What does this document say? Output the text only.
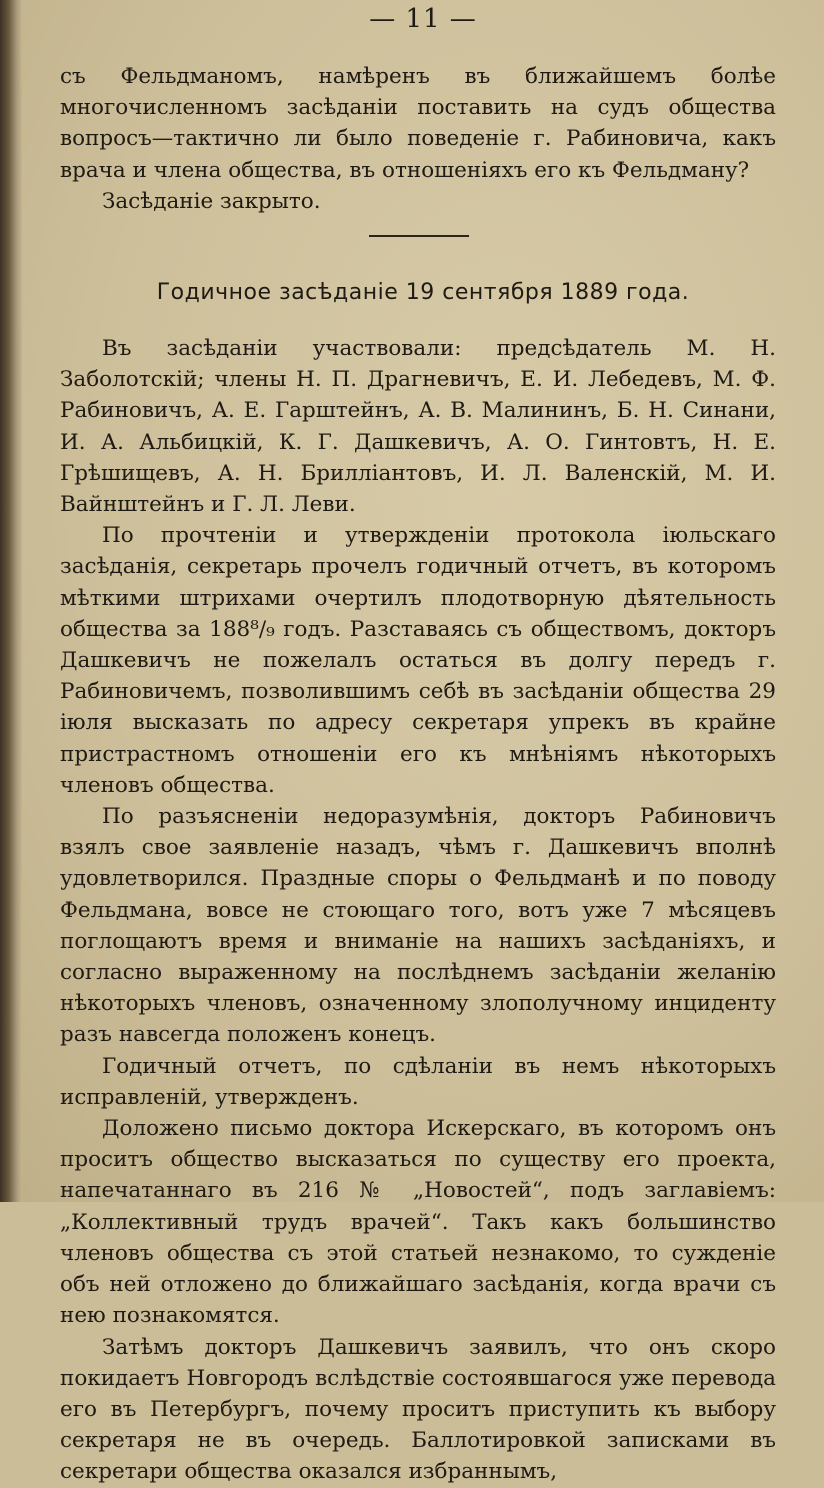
— 11 —

съ Фельдманомъ, намѣренъ въ ближайшемъ болѣе многочисленномъ засѣданіи поставить на судъ общества вопросъ—тактично ли было поведеніе г. Рабиновича, какъ врача и члена общества, въ отношеніяхъ его къ Фельдману?

Засѣданіе закрыто.

Годичное засѣданіе 19 сентября 1889 года.

Въ засѣданіи участвовали: предсѣдатель М. Н. Заболотскій; члены Н. П. Драгневичъ, Е. И. Лебедевъ, М. Ф. Рабиновичъ, А. Е. Гарштейнъ, А. В. Малининъ, Б. Н. Синани, И. А. Альбицкій, К. Г. Дашкевичъ, А. О. Гинтовтъ, Н. Е. Грѣшищевъ, А. Н. Брилліантовъ, И. Л. Валенскій, М. И. Вайнштейнъ и Г. Л. Леви.

По прочтеніи и утвержденіи протокола іюльскаго засѣданія, секретарь прочелъ годичный отчетъ, въ которомъ мѣткими штрихами очертилъ плодотворную дѣятельность общества за 188⁸/₉ годъ. Разставаясь съ обществомъ, докторъ Дашкевичъ не пожелалъ остаться въ долгу передъ г. Рабиновичемъ, позволившимъ себѣ въ засѣданіи общества 29 іюля высказать по адресу секретаря упрекъ въ крайне пристрастномъ отношеніи его къ мнѣніямъ нѣкоторыхъ членовъ общества.

По разъясненіи недоразумѣнія, докторъ Рабиновичъ взялъ свое заявленіе назадъ, чѣмъ г. Дашкевичъ вполнѣ удовлетворился. Праздные споры о Фельдманѣ и по поводу Фельдмана, вовсе не стоющаго того, вотъ уже 7 мѣсяцевъ поглощаютъ время и вниманіе на нашихъ засѣданіяхъ, и согласно выраженному на послѣднемъ засѣданіи желанію нѣкоторыхъ членовъ, означенному злополучному инциденту разъ навсегда положенъ конецъ.

Годичный отчетъ, по сдѣланіи въ немъ нѣкоторыхъ исправленій, утвержденъ.

Доложено письмо доктора Искерскаго, въ которомъ онъ проситъ общество высказаться по существу его проекта, напечатаннаго въ 216 № „Новостей“, подъ заглавіемъ: „Коллективный трудъ врачей“. Такъ какъ большинство членовъ общества съ этой статьей незнакомо, то сужденіе объ ней отложено до ближайшаго засѣданія, когда врачи съ нею познакомятся.

Затѣмъ докторъ Дашкевичъ заявилъ, что онъ скоро покидаетъ Новгородъ вслѣдствіе состоявшагося уже перевода его въ Петербургъ, почему проситъ приступить къ выбору секретаря не въ очередь. Баллотировкой записками въ секретари общества оказался избраннымъ,
